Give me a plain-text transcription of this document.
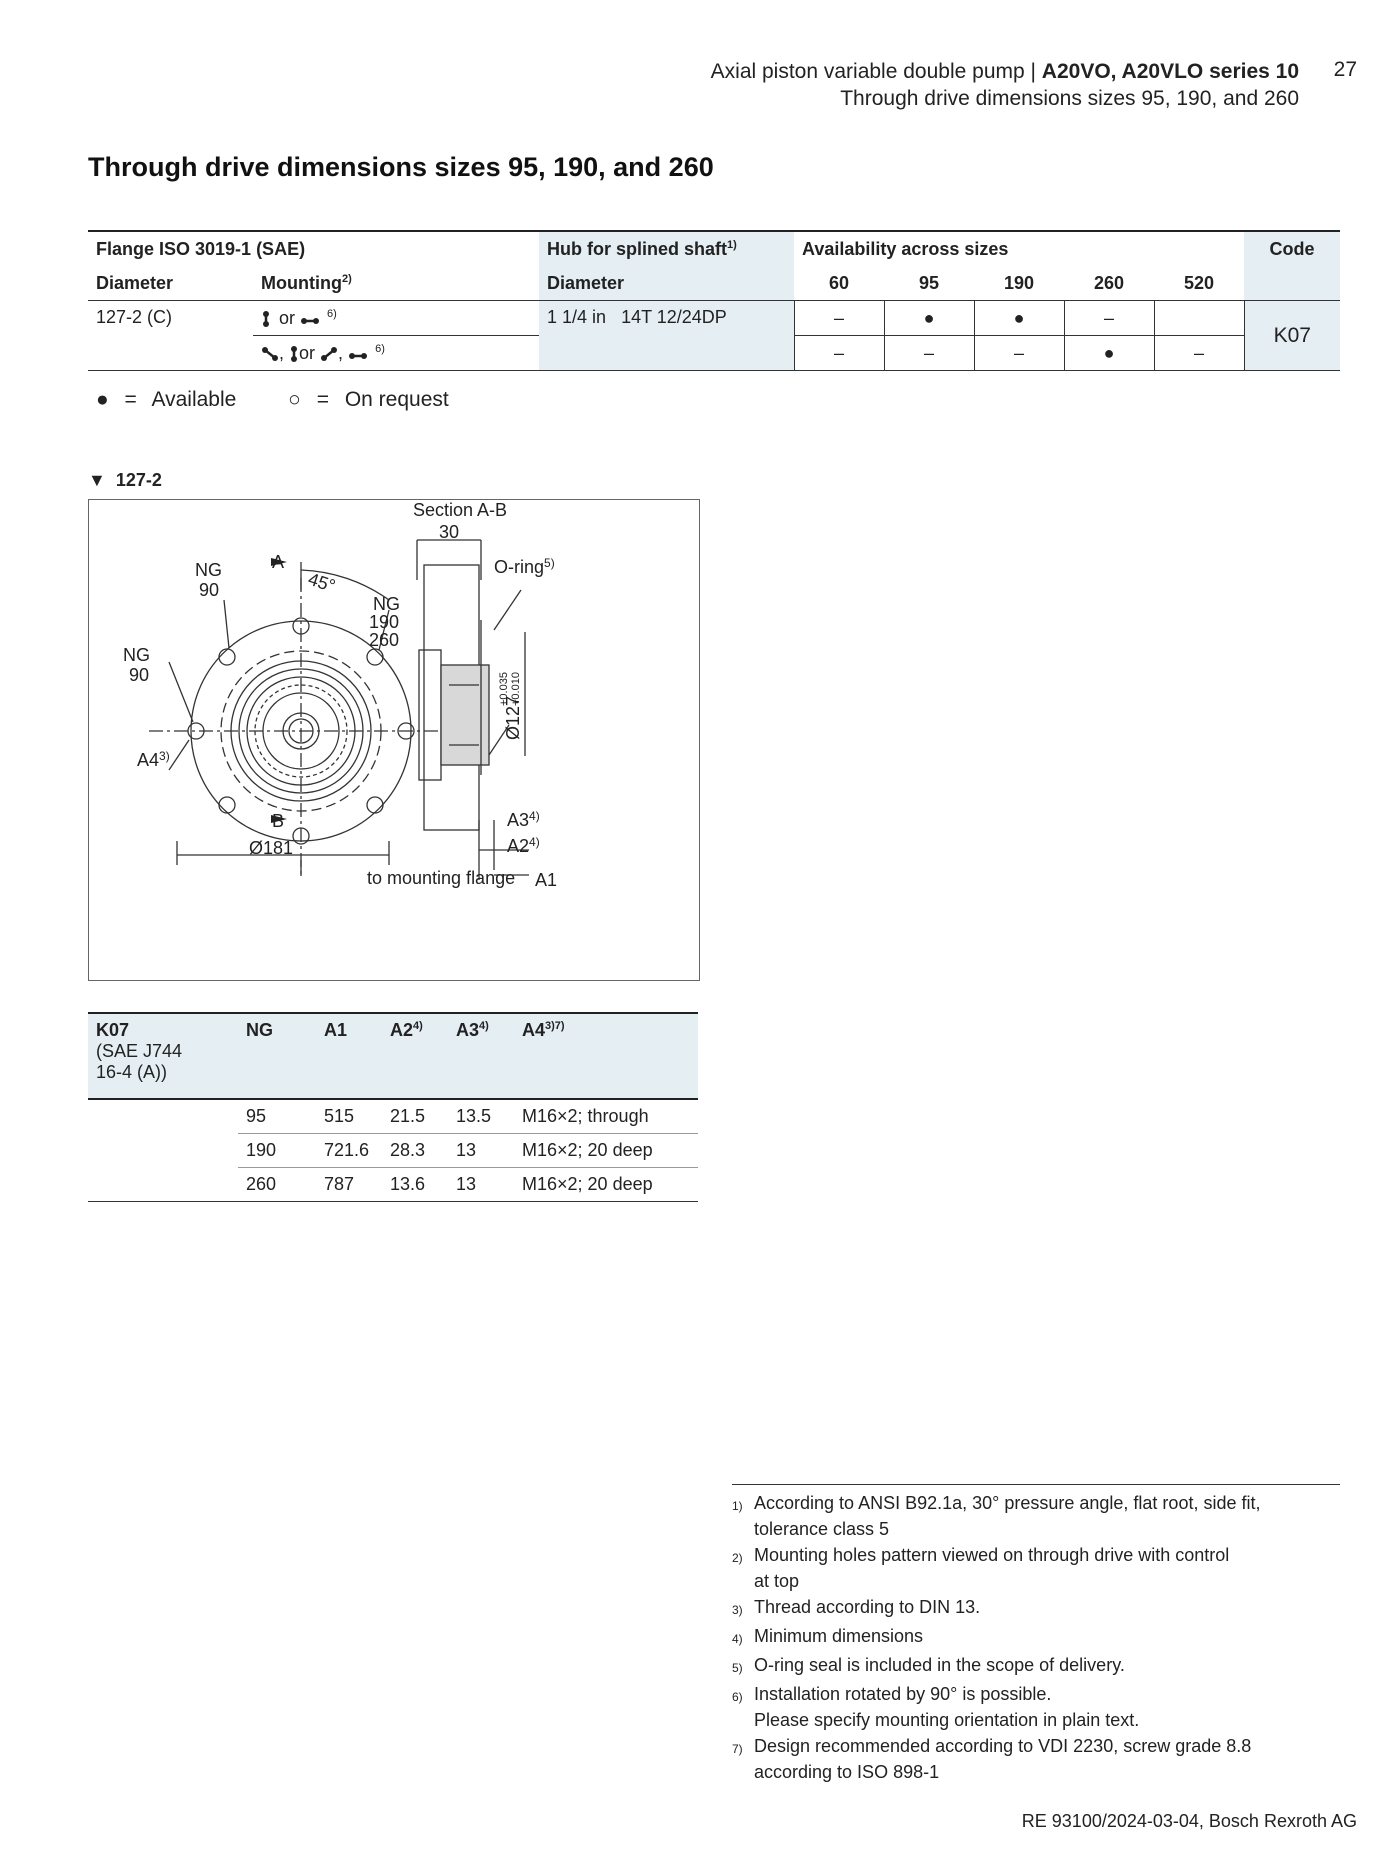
Axial piston variable double pump | A20VO, A20VLO series 10
Through drive dimensions sizes 95, 190, and 260
27
Through drive dimensions sizes 95, 190, and 260
Flange ISO 3019-1 (SAE)		Hub for splined shaft$^{1)}$	Availability across sizes					Code
Diameter	Mounting$^{2)}$	Diameter	60	95	190	260	520	
127-2 (C)	or $^{6)}$	1 1/4 in 14T 12/24DP	–	●	●	–		K07
	, or ,  $^{6)}$		–	–	–	●	–	
● = Available ○ = On request
▼  127-2
Section A-B
30
O-ring$^{5)}$
NG
90
A
B
45°
NG
190
260
NG
90
A4$^{3)}$
Ø181
Ø127
+0.035 +0.010
A3$^{4)}$
A2$^{4)}$
to mounting flange A1
K07
(SAE J744
16-4 (A))	NG	A1	A2$^{4)}$	A3$^{4)}$	$A4^{3)7)}$
	95	515	21.5	13.5	M16×2; through
	190	721.6	28.3	13	M16×2; 20 deep
	260	787	13.6	13	M16×2; 20 deep
1) According to ANSI B92.1a, 30° pressure angle, flat root, side fit,
tolerance class 5
2) Mounting holes pattern viewed on through drive with control
at top
3) Thread according to DIN 13.
4) Minimum dimensions
5) O-ring seal is included in the scope of delivery.
6) Installation rotated by 90° is possible.
Please specify mounting orientation in plain text.
7) Design recommended according to VDI 2230, screw grade 8.8
according to ISO 898-1
RE 93100/2024-03-04, Bosch Rexroth AG
